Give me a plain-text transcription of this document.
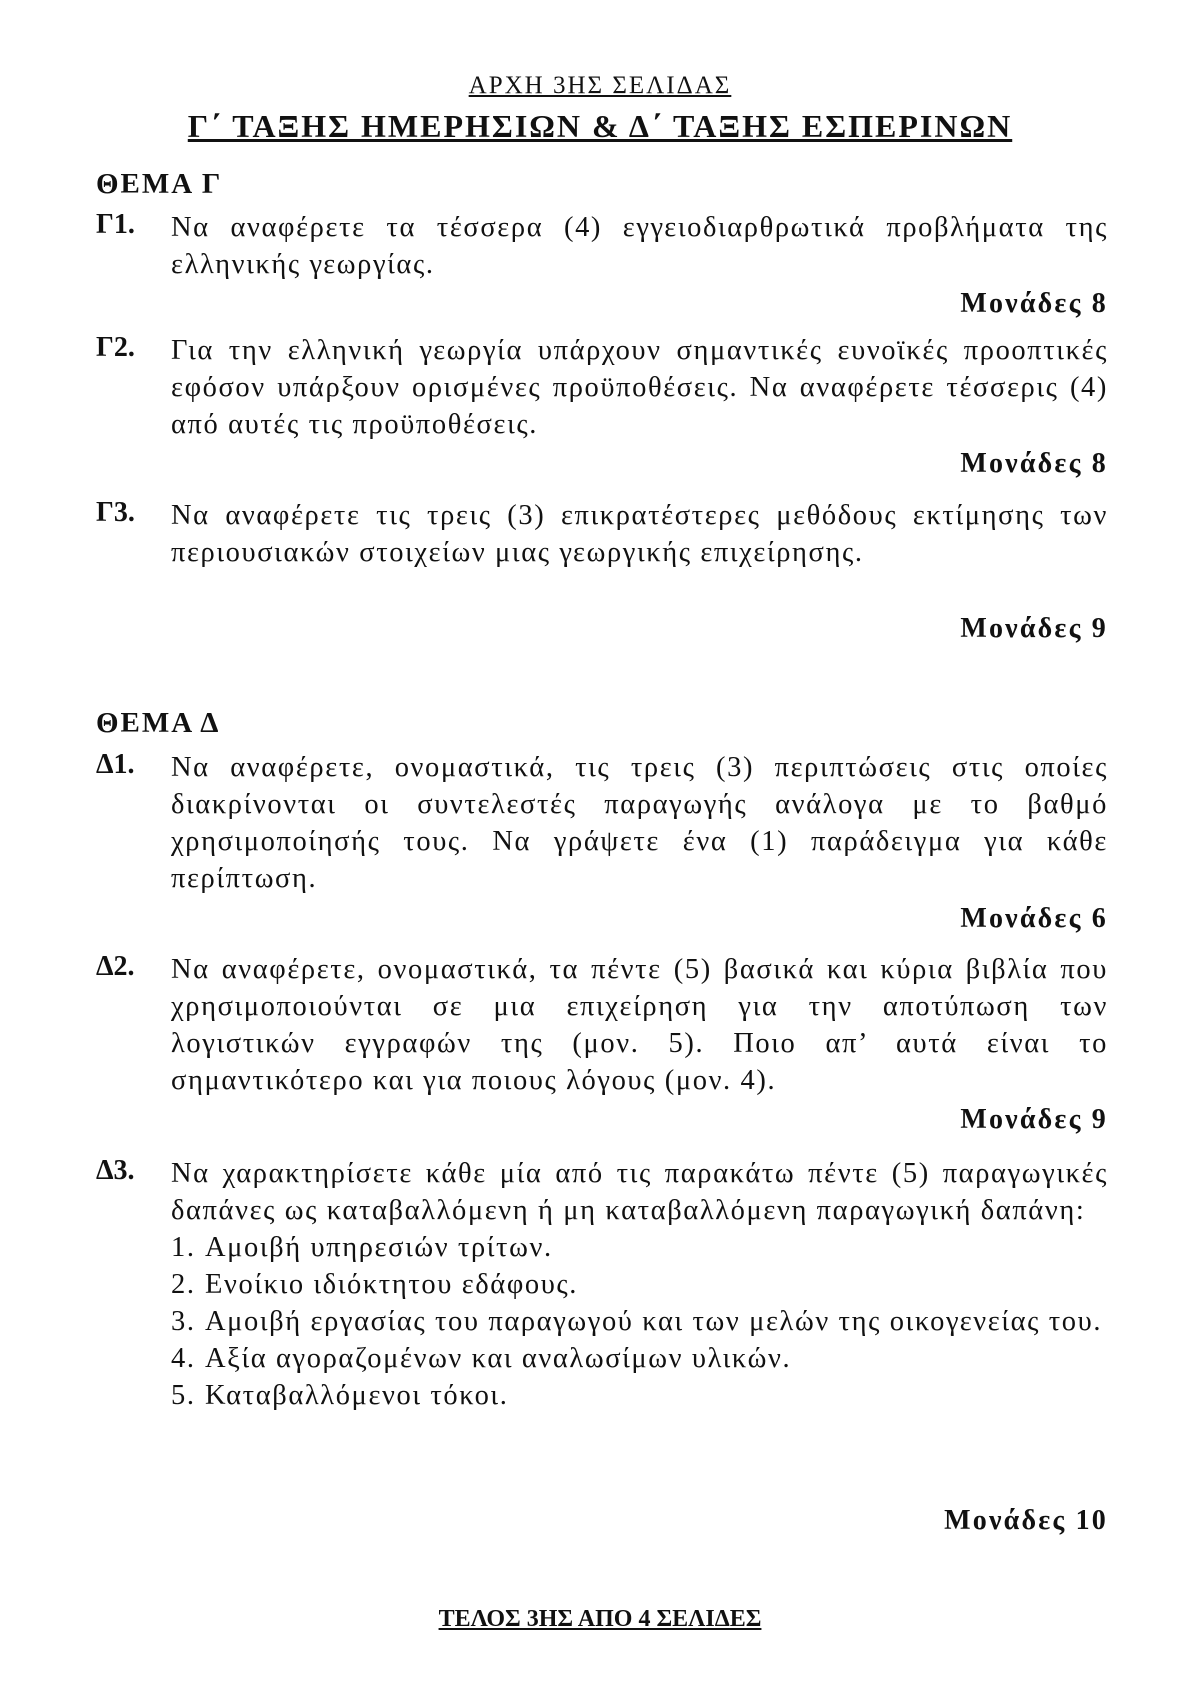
ΑΡΧΗ 3ΗΣ ΣΕΛΙΔΑΣ
Γ΄ ΤΑΞΗΣ ΗΜΕΡΗΣΙΩΝ & Δ΄ ΤΑΞΗΣ ΕΣΠΕΡΙΝΩΝ
ΘΕΜΑ Γ
Γ1. Να αναφέρετε τα τέσσερα (4) εγγειοδιαρθρωτικά προβλήματα της ελληνικής γεωργίας.
Μονάδες 8
Γ2. Για την ελληνική γεωργία υπάρχουν σημαντικές ευνοϊκές προοπτικές εφόσον υπάρξουν ορισμένες προϋποθέσεις. Να αναφέρετε τέσσερις (4) από αυτές τις προϋποθέσεις.
Μονάδες 8
Γ3. Να αναφέρετε τις τρεις (3) επικρατέστερες μεθόδους εκτίμησης των περιουσιακών στοιχείων μιας γεωργικής επιχείρησης.
Μονάδες 9
ΘΕΜΑ Δ
Δ1. Να αναφέρετε, ονομαστικά, τις τρεις (3) περιπτώσεις στις οποίες διακρίνονται οι συντελεστές παραγωγής ανάλογα με το βαθμό χρησιμοποίησής τους. Να γράψετε ένα (1) παράδειγμα για κάθε περίπτωση.
Μονάδες 6
Δ2. Να αναφέρετε, ονομαστικά, τα πέντε (5) βασικά και κύρια βιβλία που χρησιμοποιούνται σε μια επιχείρηση για την αποτύπωση των λογιστικών εγγραφών της (μον. 5). Ποιο απ’ αυτά είναι το σημαντικότερο και για ποιους λόγους (μον. 4).
Μονάδες 9
Δ3. Να χαρακτηρίσετε κάθε μία από τις παρακάτω πέντε (5) παραγωγικές δαπάνες ως καταβαλλόμενη ή μη καταβαλλόμενη παραγωγική δαπάνη:
1. Αμοιβή υπηρεσιών τρίτων.
2. Ενοίκιο ιδιόκτητου εδάφους.
3. Αμοιβή εργασίας του παραγωγού και των μελών της οικογενείας του.
4. Αξία αγοραζομένων και αναλωσίμων υλικών.
5. Καταβαλλόμενοι τόκοι.
Μονάδες 10
ΤΕΛΟΣ 3ΗΣ ΑΠΟ 4 ΣΕΛΙΔΕΣ
